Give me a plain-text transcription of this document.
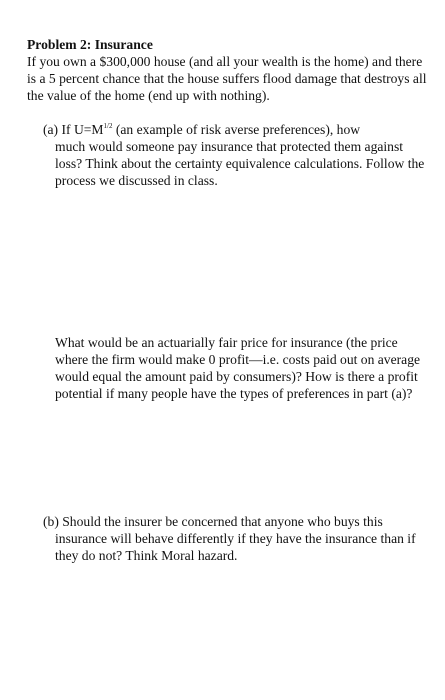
Problem 2: Insurance
If you own a $300,000 house (and all your wealth is the home) and there is a 5 percent chance that the house suffers flood damage that destroys all the value of the home (end up with nothing).
(a) If $U=M^{1/2}$ (an example of risk averse preferences), how
much would someone pay insurance that protected them against loss? Think about the certainty equivalence calculations. Follow the process we discussed in class.
What would be an actuarially fair price for insurance (the price where the firm would make 0 profit—i.e. costs paid out on average would equal the amount paid by consumers)? How is there a profit potential if many people have the types of preferences in part (a)?
(b) Should the insurer be concerned that anyone who buys this
insurance will behave differently if they have the insurance than if they do not? Think Moral hazard.
